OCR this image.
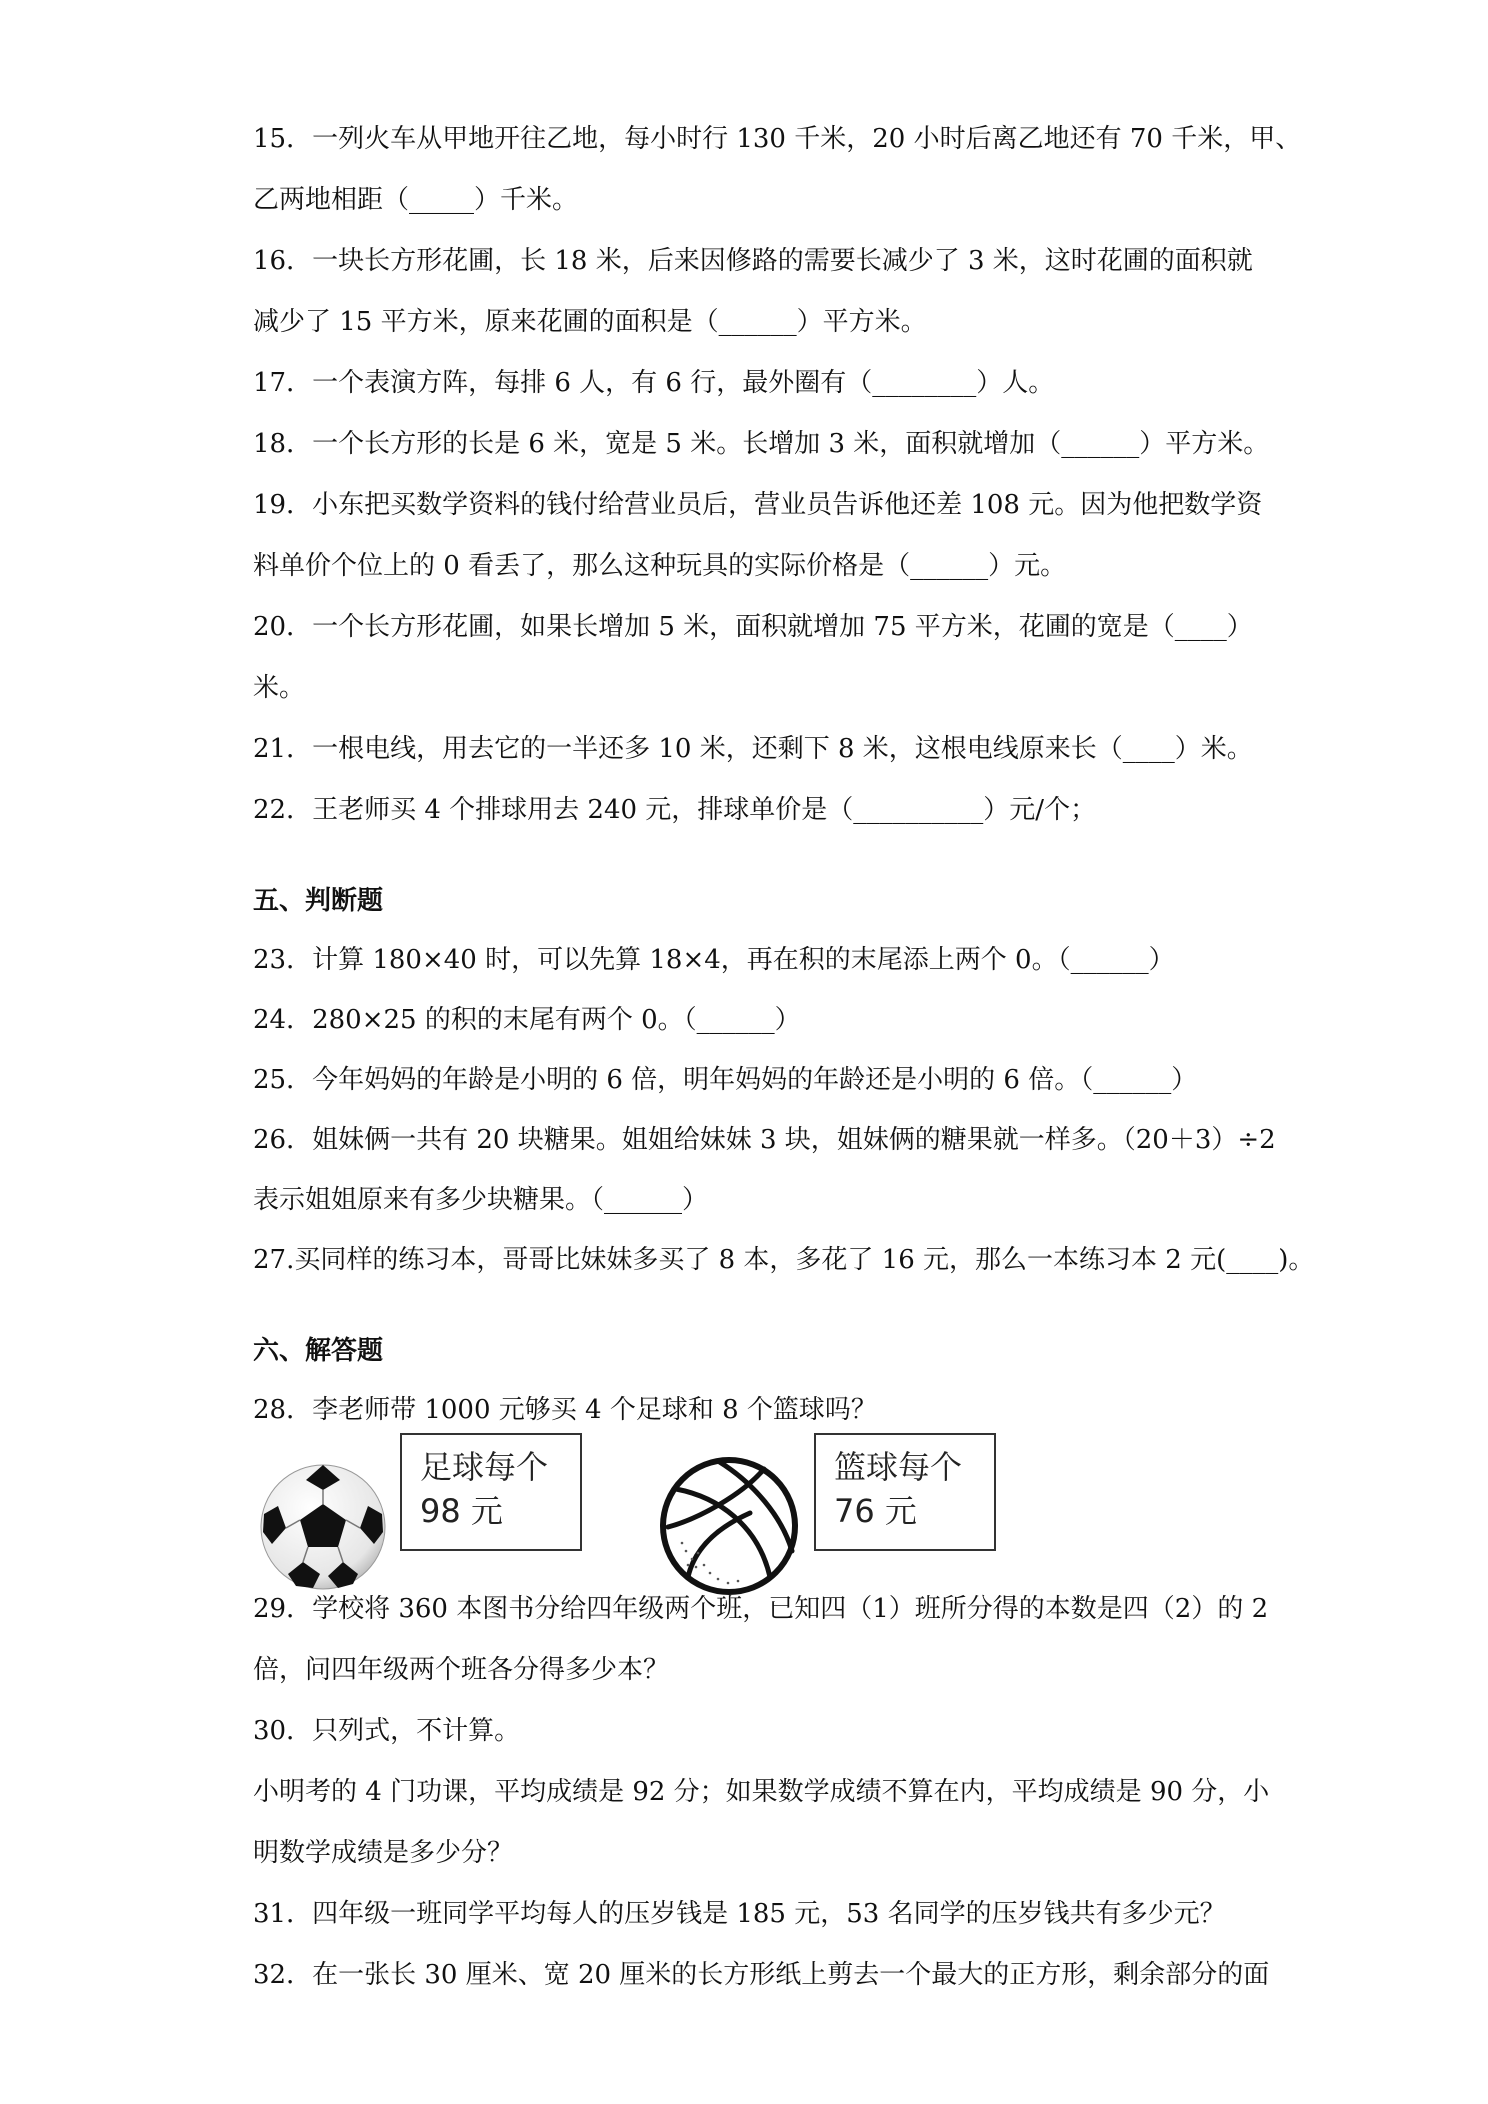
15．一列火车从甲地开往乙地，每小时行 130 千米，20 小时后离乙地还有 70 千米，甲、
乙两地相距（_____）千米。
16．一块长方形花圃，长 18 米，后来因修路的需要长减少了 3 米，这时花圃的面积就
减少了 15 平方米，原来花圃的面积是（______）平方米。
17．一个表演方阵，每排 6 人，有 6 行，最外圈有（________）人。
18．一个长方形的长是 6 米，宽是 5 米。长增加 3 米，面积就增加（______）平方米。
19．小东把买数学资料的钱付给营业员后，营业员告诉他还差 108 元。因为他把数学资
料单价个位上的 0 看丢了，那么这种玩具的实际价格是（______）元。
20．一个长方形花圃，如果长增加 5 米，面积就增加 75 平方米，花圃的宽是（____）
米。
21．一根电线，用去它的一半还多 10 米，还剩下 8 米，这根电线原来长（____）米。
22．王老师买 4 个排球用去 240 元，排球单价是（__________）元/个；
五、判断题
23．计算 180×40 时，可以先算 18×4，再在积的末尾添上两个 0。（______）
24．280×25 的积的末尾有两个 0。（______）
25．今年妈妈的年龄是小明的 6 倍，明年妈妈的年龄还是小明的 6 倍。（______）
26．姐妹俩一共有 20 块糖果。姐姐给妹妹 3 块，姐妹俩的糖果就一样多。（20＋3）÷2
表示姐姐原来有多少块糖果。（______）
27.买同样的练习本，哥哥比妹妹多买了 8 本，多花了 16 元，那么一本练习本 2 元(____)。
六、解答题
28．李老师带 1000 元够买 4 个足球和 8 个篮球吗？
足球每个
98 元
篮球每个
76 元
29．学校将 360 本图书分给四年级两个班，已知四（1）班所分得的本数是四（2）的 2
倍，问四年级两个班各分得多少本？
30．只列式，不计算。
小明考的 4 门功课，平均成绩是 92 分；如果数学成绩不算在内，平均成绩是 90 分，小
明数学成绩是多少分？
31．四年级一班同学平均每人的压岁钱是 185 元，53 名同学的压岁钱共有多少元？
32．在一张长 30 厘米、宽 20 厘米的长方形纸上剪去一个最大的正方形，剩余部分的面
